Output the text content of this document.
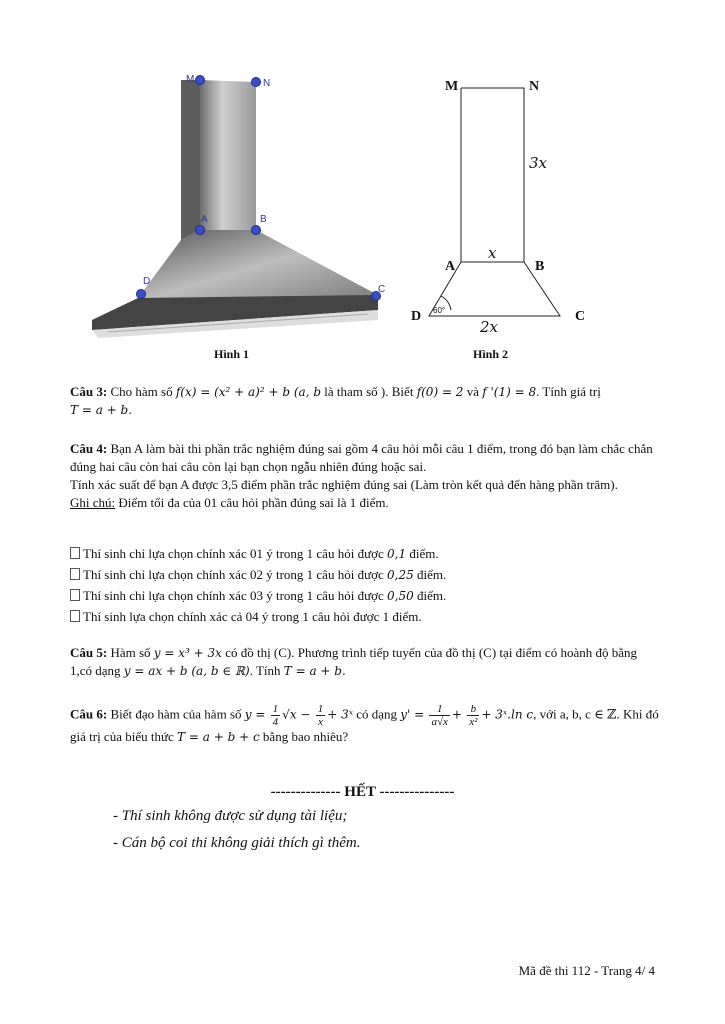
M	N
A	B
D
C
Hình 1
M	N
A	B
D	C
3x
x
2x
60°
Hình 2
Câu 3: Cho hàm số f(x) = (x² + a)² + b (a, b là tham số ). Biết f(0) = 2 và f '(1) = 8. Tính giá trị
T = a + b.
Câu 4: Bạn A làm bài thi phần trắc nghiệm đúng sai gồm 4 câu hỏi mỗi câu 1 điểm, trong đó bạn làm chắc chắn đúng hai câu còn hai câu còn lại bạn chọn ngẫu nhiên đúng hoặc sai.
Tính xác suất để bạn A được 3,5 điểm phần trắc nghiệm đúng sai (Làm tròn kết quả đến hàng phần trăm).
Ghi chú: Điểm tối đa của 01 câu hỏi phần đúng sai là 1 điểm.
Thí sinh chỉ lựa chọn chính xác 01 ý trong 1 câu hỏi được 0,1 điểm.
Thí sinh chỉ lựa chọn chính xác 02 ý trong 1 câu hỏi được 0,25 điểm.
Thí sinh chỉ lựa chọn chính xác 03 ý trong 1 câu hỏi được 0,50 điểm.
Thí sinh lựa chọn chính xác cả 04 ý trong 1 câu hỏi được 1 điểm.
Câu 5: Hàm số y = x³ + 3x có đồ thị (C). Phương trình tiếp tuyến của đồ thị (C) tại điểm có hoành độ bằng 1,có dạng y = ax + b (a, b ∈ ℝ). Tính T = a + b.
Câu 6: Biết đạo hàm của hàm số $y = \frac{1}{4} √x - \frac{1}{x}$ + 3ˣ có dạng $y' = \frac{1}{a√x} + \frac{b}{\text{x²}}$ + 3ˣ.ln c, với a, b, c ∈ ℤ. Khi đó giá trị của biểu thức T = a + b + c bằng bao nhiêu?
-------------- HẾT ---------------
- Thí sinh không được sử dụng tài liệu;
- Cán bộ coi thi không giải thích gì thêm.
Mã đề thi 112 - Trang 4/ 4
